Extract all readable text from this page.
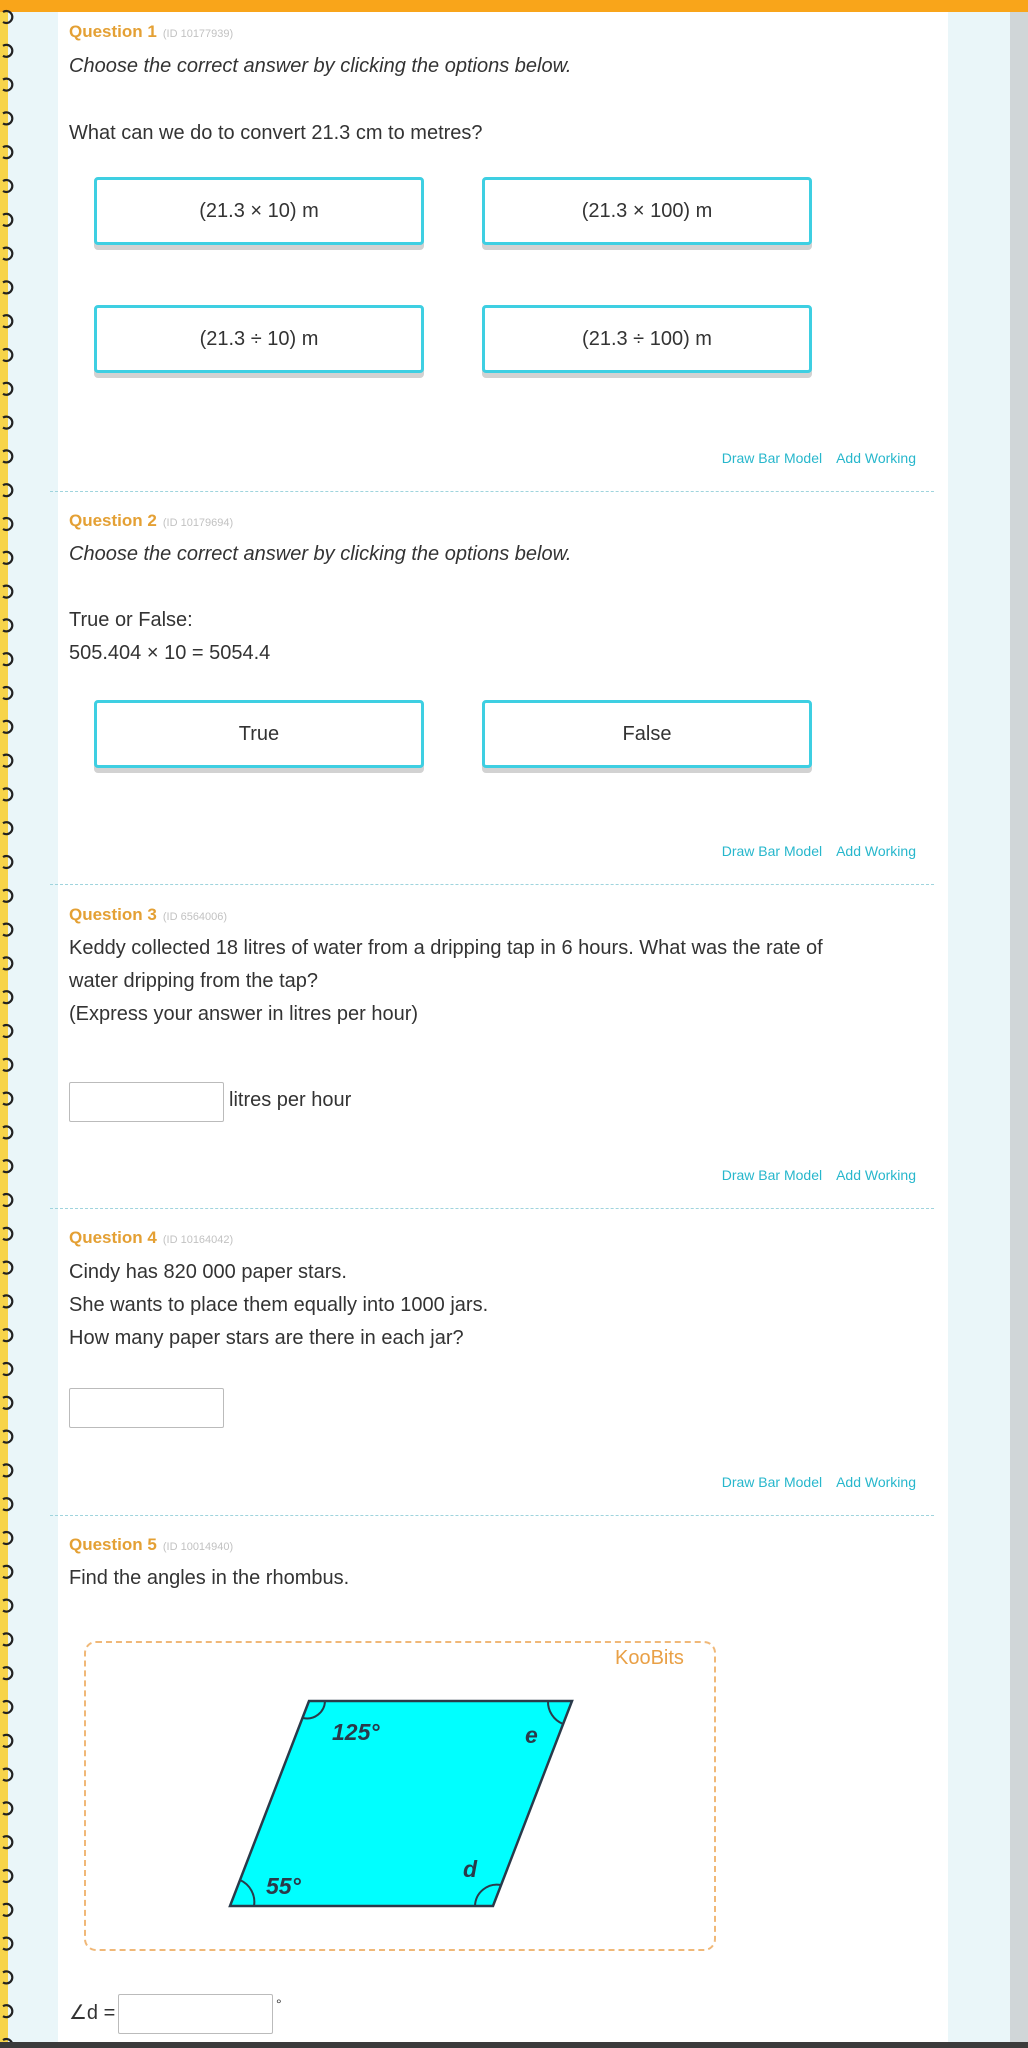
Question 1 (ID 10177939)
Choose the correct answer by clicking the options below.
What can we do to convert 21.3 cm to metres?
(21.3 × 10) m	(21.3 × 100) m
(21.3 ÷ 10) m	(21.3 ÷ 100) m
Draw Bar Model Add Working
Question 2 (ID 10179694)
Choose the correct answer by clicking the options below.
True or False:
505.404 × 10 = 5054.4
True	False
Draw Bar Model Add Working
Question 3 (ID 6564006)
Keddy collected 18 litres of water from a dripping tap in 6 hours. What was the rate of
water dripping from the tap?
(Express your answer in litres per hour)
litres per hour
Draw Bar Model Add Working
Question 4 (ID 10164042)
Cindy has 820 000 paper stars.
She wants to place them equally into 1000 jars.
How many paper stars are there in each jar?
Draw Bar Model Add Working
Question 5 (ID 10014940)
Find the angles in the rhombus.
KooBits
125°	e
55°
d
∠d =	°
